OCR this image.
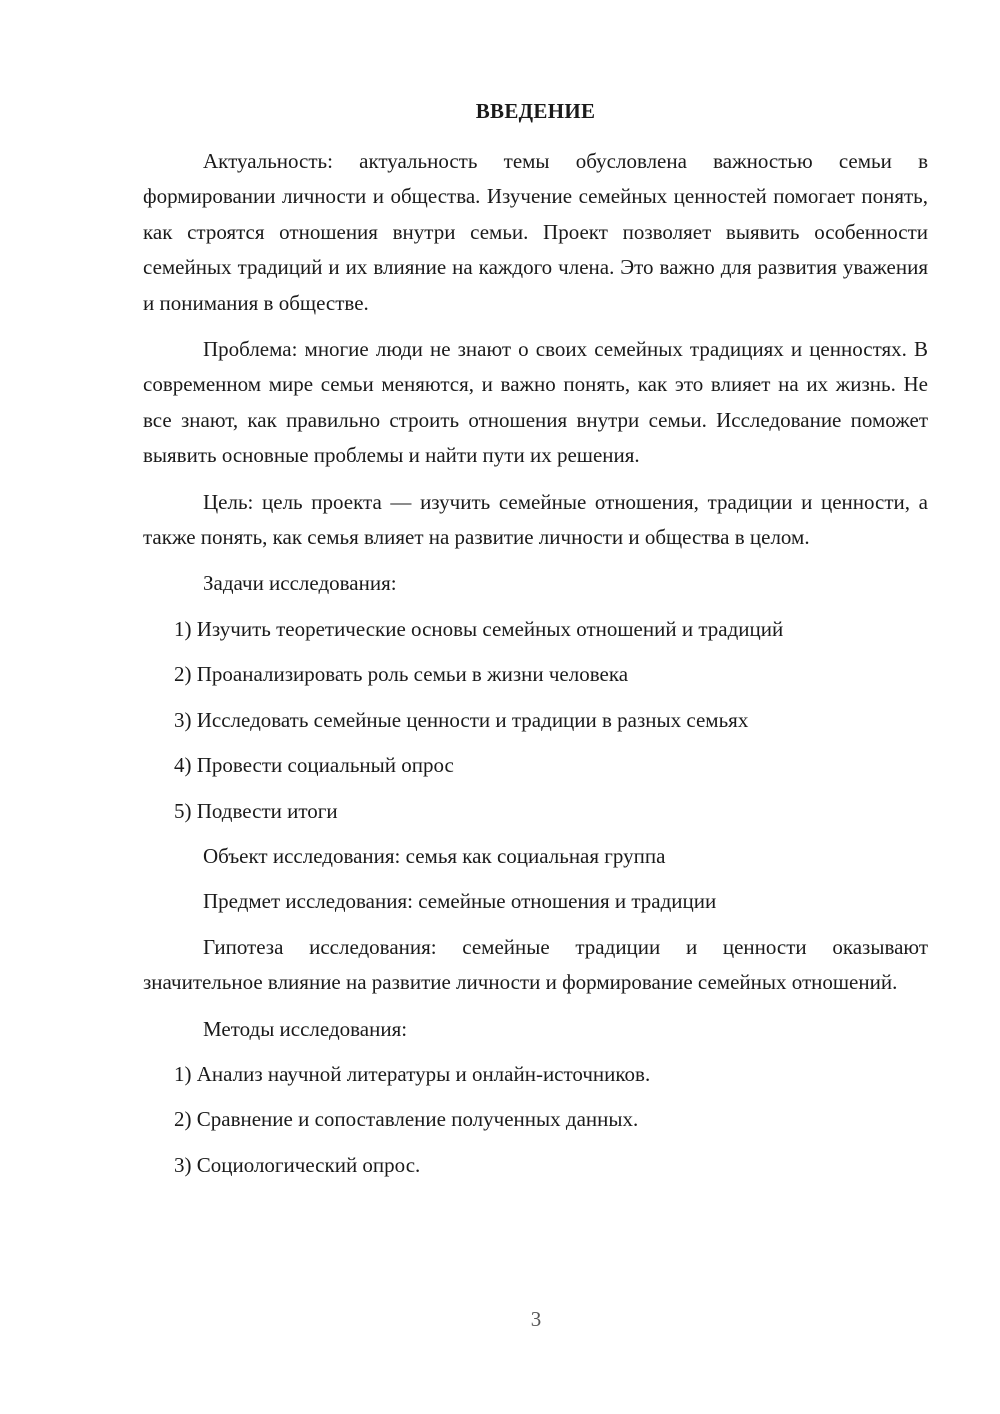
ВВЕДЕНИЕ

Актуальность: актуальность темы обусловлена важностью семьи в формировании личности и общества. Изучение семейных ценностей помогает понять, как строятся отношения внутри семьи. Проект позволяет выявить особенности семейных традиций и их влияние на каждого члена. Это важно для развития уважения и понимания в обществе.

Проблема: многие люди не знают о своих семейных традициях и ценностях. В современном мире семьи меняются, и важно понять, как это влияет на их жизнь. Не все знают, как правильно строить отношения внутри семьи. Исследование поможет выявить основные проблемы и найти пути их решения.

Цель: цель проекта — изучить семейные отношения, традиции и ценности, а также понять, как семья влияет на развитие личности и общества в целом.

Задачи исследования:

1) Изучить теоретические основы семейных отношений и традиций
2) Проанализировать роль семьи в жизни человека
3) Исследовать семейные ценности и традиции в разных семьях
4) Провести социальный опрос
5) Подвести итоги

Объект исследования: семья как социальная группа

Предмет исследования: семейные отношения и традиции

Гипотеза исследования: семейные традиции и ценности оказывают значительное влияние на развитие личности и формирование семейных отношений.

Методы исследования:

1) Анализ научной литературы и онлайн-источников.
2) Сравнение и сопоставление полученных данных.
3) Социологический опрос.
3
